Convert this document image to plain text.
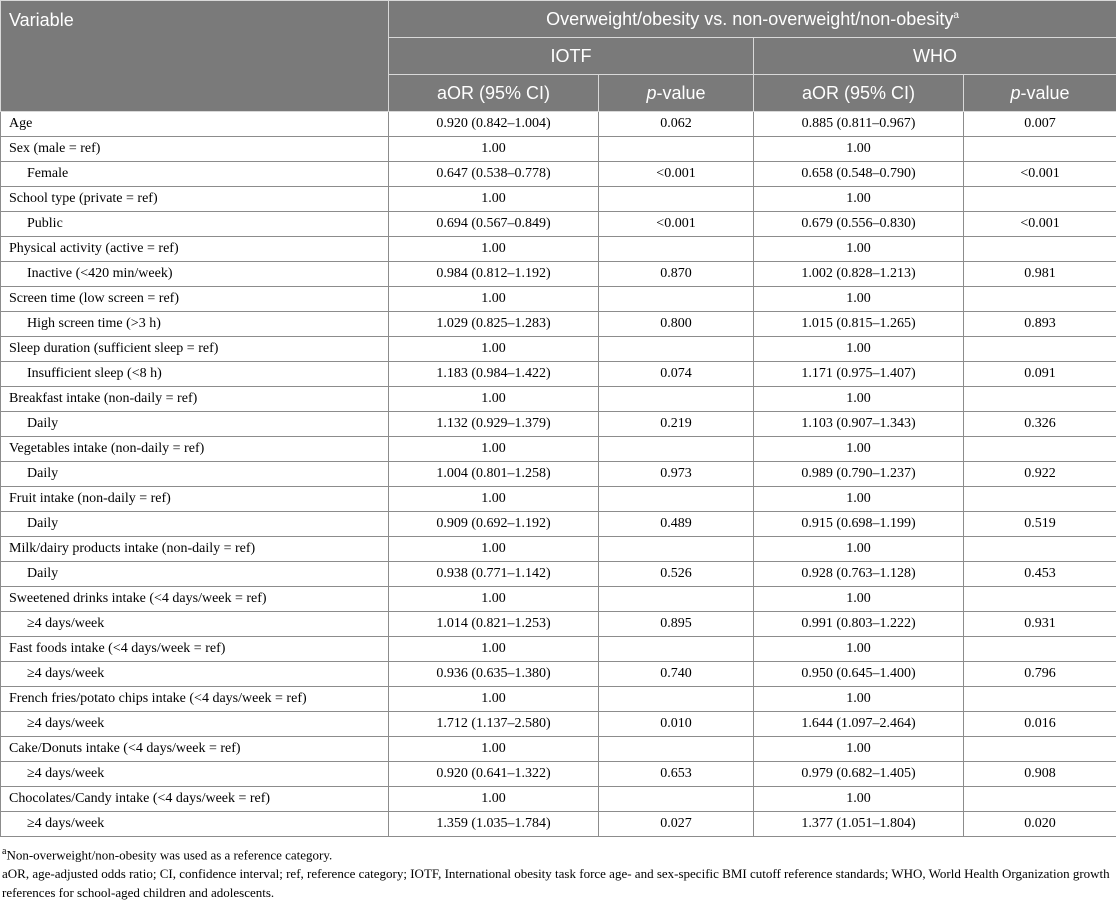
Variable	Overweight/obesity vs. non-overweight/non-obesity$^a$
	IOTF		WHO	
	aOR (95% CI)	p-value	aOR (95% CI)	p-value
Age	0.920 (0.842–1.004)	0.062	0.885 (0.811–0.967)	0.007
Sex (male = ref)	1.00		1.00	
Female	0.647 (0.538–0.778)	<0.001	0.658 (0.548–0.790)	<0.001
School type (private = ref)	1.00		1.00	
Public	0.694 (0.567–0.849)	<0.001	0.679 (0.556–0.830)	<0.001
Physical activity (active = ref)	1.00		1.00	
Inactive (<420 min/week)	0.984 (0.812–1.192)	0.870	1.002 (0.828–1.213)	0.981
Screen time (low screen = ref)	1.00		1.00	
High screen time (>3 h)	1.029 (0.825–1.283)	0.800	1.015 (0.815–1.265)	0.893
Sleep duration (sufficient sleep = ref)	1.00		1.00	
Insufficient sleep (<8 h)	1.183 (0.984–1.422)	0.074	1.171 (0.975–1.407)	0.091
Breakfast intake (non-daily = ref)	1.00		1.00	
Daily	1.132 (0.929–1.379)	0.219	1.103 (0.907–1.343)	0.326
Vegetables intake (non-daily = ref)	1.00		1.00	
Daily	1.004 (0.801–1.258)	0.973	0.989 (0.790–1.237)	0.922
Fruit intake (non-daily = ref)	1.00		1.00	
Daily	0.909 (0.692–1.192)	0.489	0.915 (0.698–1.199)	0.519
Milk/dairy products intake (non-daily = ref)	1.00		1.00	
Daily	0.938 (0.771–1.142)	0.526	0.928 (0.763–1.128)	0.453
Sweetened drinks intake (<4 days/week = ref)	1.00		1.00	
≥4 days/week	1.014 (0.821–1.253)	0.895	0.991 (0.803–1.222)	0.931
Fast foods intake (<4 days/week = ref)	1.00		1.00	
≥4 days/week	0.936 (0.635–1.380)	0.740	0.950 (0.645–1.400)	0.796
French fries/potato chips intake (<4 days/week = ref)	1.00		1.00	
≥4 days/week	1.712 (1.137–2.580)	0.010	1.644 (1.097–2.464)	0.016
Cake/Donuts intake (<4 days/week = ref)	1.00		1.00	
≥4 days/week	0.920 (0.641–1.322)	0.653	0.979 (0.682–1.405)	0.908
Chocolates/Candy intake (<4 days/week = ref)	1.00		1.00	
≥4 days/week	1.359 (1.035–1.784)	0.027	1.377 (1.051–1.804)	0.020

$^a$Non-overweight/non-obesity was used as a reference category.

aOR, age-adjusted odds ratio; CI, confidence interval; ref, reference category; IOTF, International obesity task force age- and sex-specific BMI cutoff reference standards; WHO, World Health Organization growth references for school-aged children and adolescents.
